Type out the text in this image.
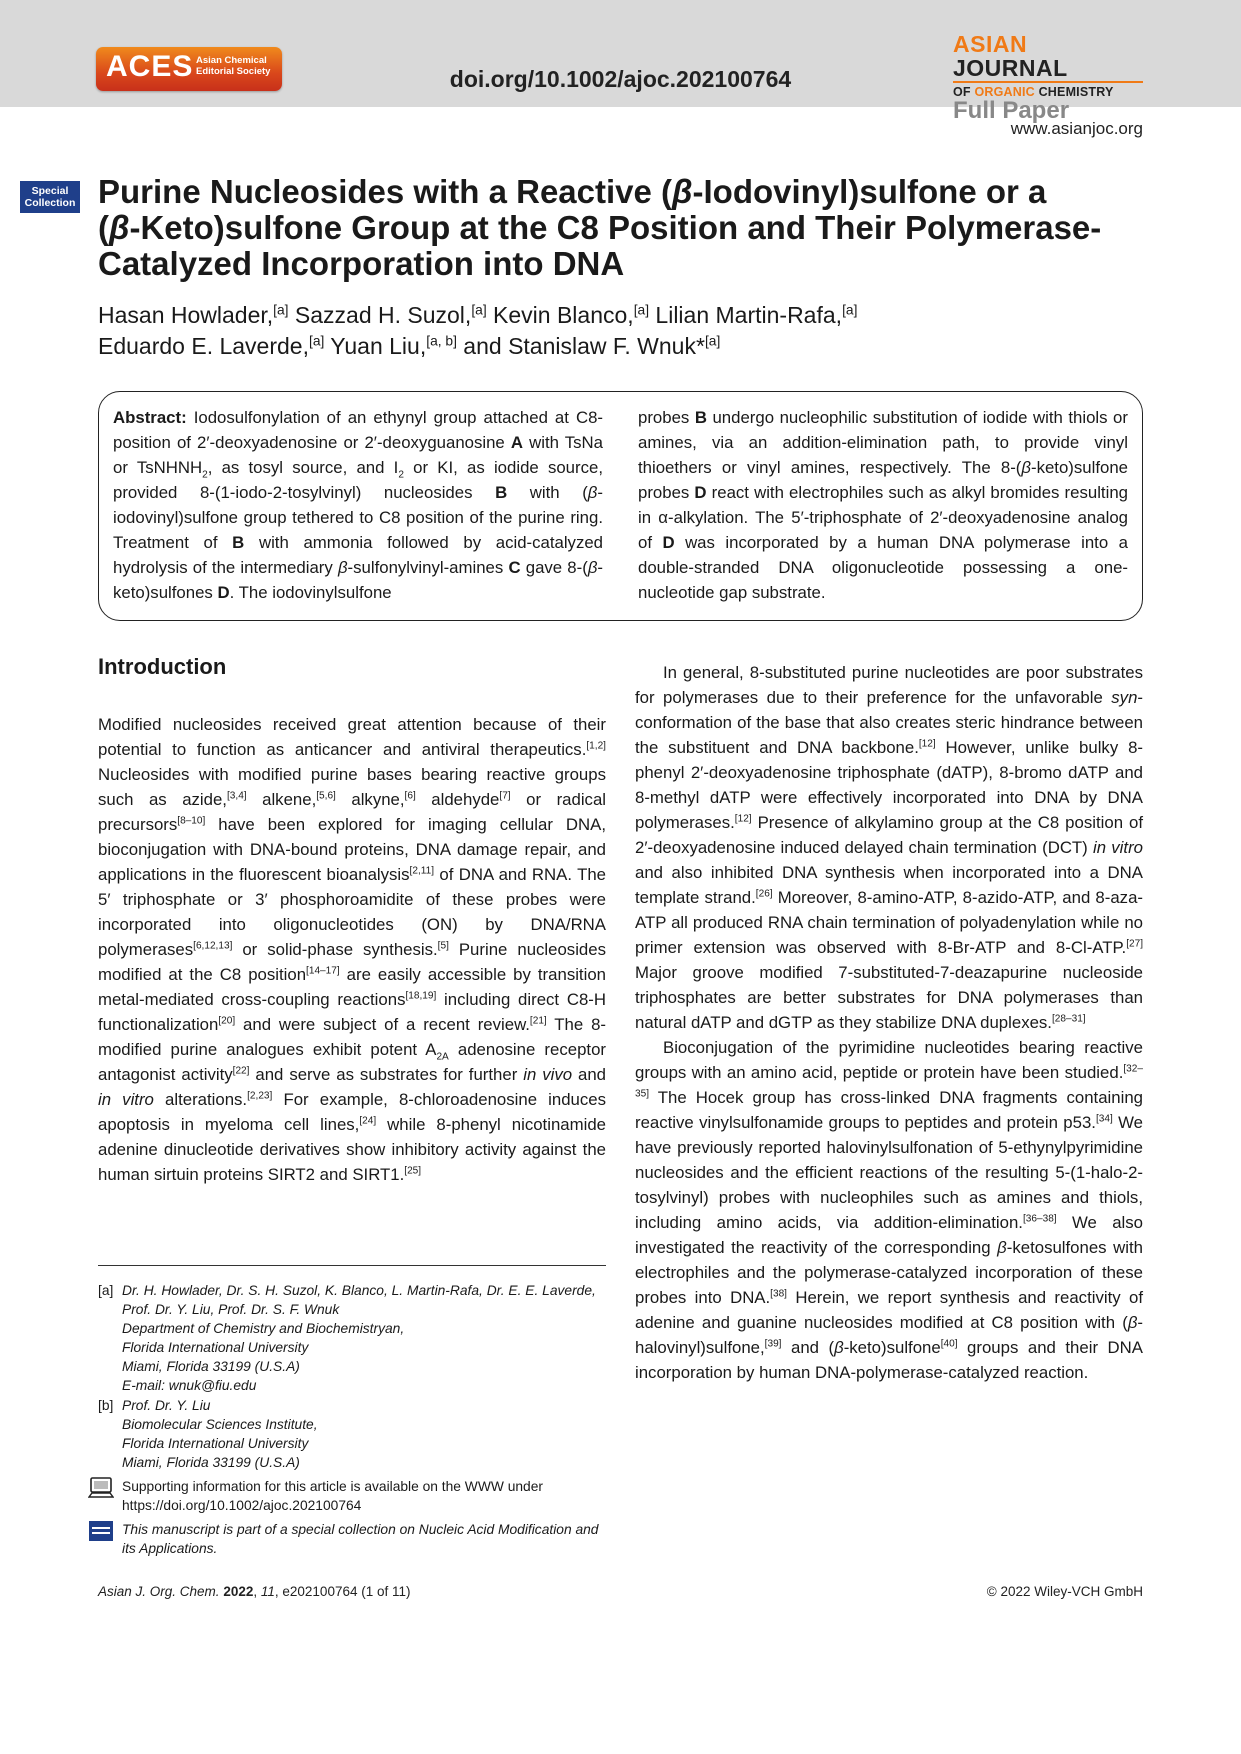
ACES Asian Chemical Editorial Society	doi.org/10.1002/ajoc.202100764
ASIAN JOURNAL
OF ORGANIC CHEMISTRY
Full Paper
www.asianjoc.org
Special
Collection Purine Nucleosides with a Reactive (β-Iodovinyl)sulfone or a
(β-Keto)sulfone Group at the C8 Position and Their Polymerase-
Catalyzed Incorporation into DNA
Hasan Howlader,[a] Sazzad H. Suzol,[a] Kevin Blanco,[a] Lilian Martin-Rafa,[a]
Eduardo E. Laverde,[a] Yuan Liu,[a, b] and Stanislaw F. Wnuk*[a]
Abstract: Iodosulfonylation of an ethynyl group attached at C8-position of 2′-deoxyadenosine or 2′-deoxyguanosine A with TsNa or TsNHNH$_2$, as tosyl source, and $I_2$ or KI, as iodide source, provided 8-(1-iodo-2-tosylvinyl) nucleosides B with (β-iodovinyl)sulfone group tethered to C8 position of the purine ring. Treatment of B with ammonia followed by acid-catalyzed hydrolysis of the intermediary β-sulfonylvinyl-amines C gave 8-(β-keto)sulfones D. The iodovinylsulfone
probes B undergo nucleophilic substitution of iodide with thiols or amines, via an addition-elimination path, to provide vinyl thioethers or vinyl amines, respectively. The 8-(β-keto)sulfone probes D react with electrophiles such as alkyl bromides resulting in α-alkylation. The 5′-triphosphate of 2′-deoxyadenosine analog of D was incorporated by a human DNA polymerase into a double-stranded DNA oligonucleotide possessing a one-nucleotide gap substrate.
Introduction

Modified nucleosides received great attention because of their potential to function as anticancer and antiviral therapeutics.[1,2] Nucleosides with modified purine bases bearing reactive groups such as azide,[3,4] alkene,[5,6] alkyne,[6] aldehyde[7] or radical precursors[8–10] have been explored for imaging cellular DNA, bioconjugation with DNA-bound proteins, DNA damage repair, and applications in the fluorescent bioanalysis[2,11] of DNA and RNA. The 5′ triphosphate or 3′ phosphoroamidite of these probes were incorporated into oligonucleotides (ON) by DNA/RNA polymerases[6,12,13] or solid-phase synthesis.[5] Purine nucleosides modified at the C8 position[14–17] are easily accessible by transition metal-mediated cross-coupling reactions[18,19] including direct C8-H functionalization[20] and were subject of a recent review.[21] The 8-modified purine analogues exhibit potent $A_{2A}$ adenosine receptor antagonist activity[22] and serve as substrates for further in vivo and in vitro alterations.[2,23] For example, 8-chloroadenosine induces apoptosis in myeloma cell lines,[24] while 8-phenyl nicotinamide adenine dinucleotide derivatives show inhibitory activity against the human sirtuin proteins SIRT2 and SIRT1.[25]

In general, 8-substituted purine nucleotides are poor substrates for polymerases due to their preference for the unfavorable syn-conformation of the base that also creates steric hindrance between the substituent and DNA backbone.[12] However, unlike bulky 8-phenyl 2′-deoxyadenosine triphosphate (dATP), 8-bromo dATP and 8-methyl dATP were effectively incorporated into DNA by DNA polymerases.[12] Presence of alkylamino group at the C8 position of 2′-deoxyadenosine induced delayed chain termination (DCT) in vitro and also inhibited DNA synthesis when incorporated into a DNA template strand.[26] Moreover, 8-amino-ATP, 8-azido-ATP, and 8-aza-ATP all produced RNA chain termination of polyadenylation while no primer extension was observed with 8-Br-ATP and 8-Cl-ATP.[27] Major groove modified 7-substituted-7-deazapurine nucleoside triphosphates are better substrates for DNA polymerases than natural dATP and dGTP as they stabilize DNA duplexes.[28–31]

Bioconjugation of the pyrimidine nucleotides bearing reactive groups with an amino acid, peptide or protein have been studied.[32–35] The Hocek group has cross-linked DNA fragments containing reactive vinylsulfonamide groups to peptides and protein p53.[34] We have previously reported halovinylsulfonation of 5-ethynylpyrimidine nucleosides and the efficient reactions of the resulting 5-(1-halo-2-tosylvinyl) probes with nucleophiles such as amines and thiols, including amino acids, via addition-elimination.[36–38] We also investigated the reactivity of the corresponding β-ketosulfones with electrophiles and the polymerase-catalyzed incorporation of these probes into DNA.[38] Herein, we report synthesis and reactivity of adenine and guanine nucleosides modified at C8 position with (β-halovinyl)sulfone,[39] and (β-keto)sulfone[40] groups and their DNA incorporation by human DNA-polymerase-catalyzed reaction.

[a] Dr. H. Howlader, Dr. S. H. Suzol, K. Blanco, L. Martin-Rafa, Dr. E. E. Laverde,
Prof. Dr. Y. Liu, Prof. Dr. S. F. Wnuk
Department of Chemistry and Biochemistryan,
Florida International University
Miami, Florida 33199 (U.S.A)
E-mail: wnuk@fiu.edu
[b] Prof. Dr. Y. Liu
Biomolecular Sciences Institute,
Florida International University
Miami, Florida 33199 (U.S.A)
Supporting information for this article is available on the WWW under https://doi.org/10.1002/ajoc.202100764
This manuscript is part of a special collection on Nucleic Acid Modification and its Applications.
Asian J. Org. Chem. 2022, 11, e202100764 (1 of 11)	© 2022 Wiley-VCH GmbH
